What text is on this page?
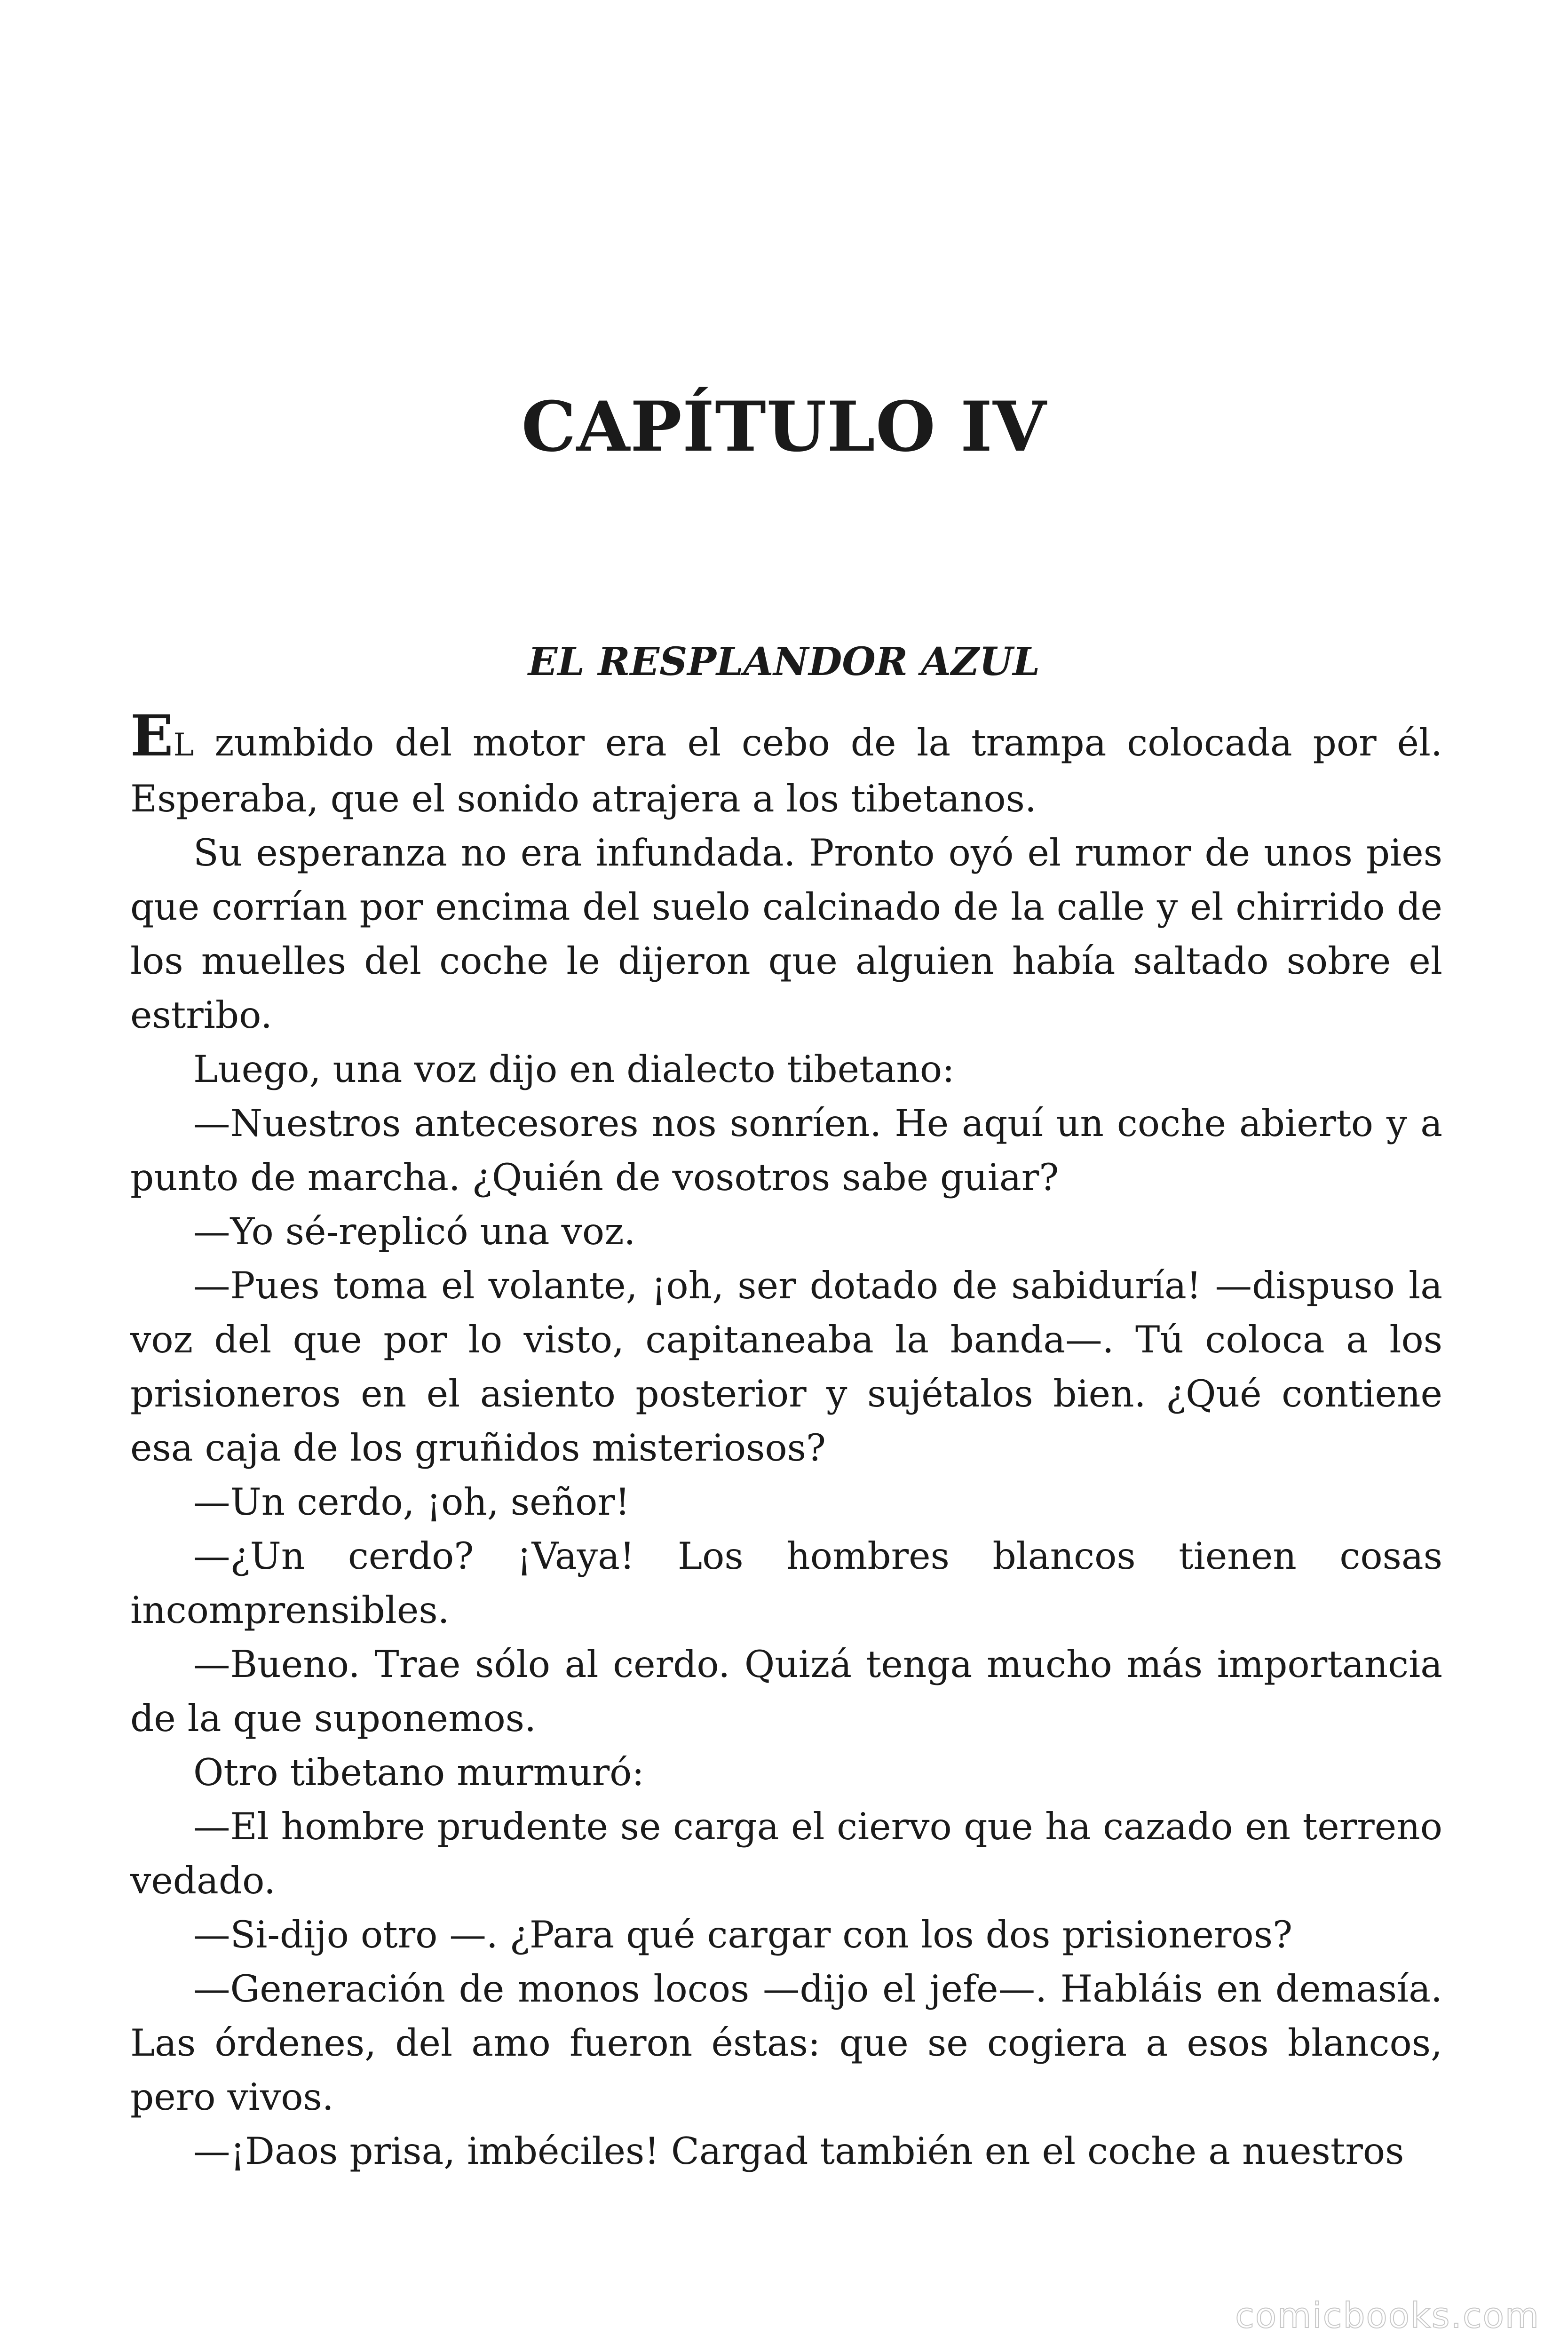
CAPÍTULO IV
EL RESPLANDOR AZUL

EL zumbido del motor era el cebo de la trampa colocada por él. Esperaba, que el sonido atrajera a los tibetanos.

Su esperanza no era infundada. Pronto oyó el rumor de unos pies que corrían por encima del suelo calcinado de la calle y el chirrido de los muelles del coche le dijeron que alguien había saltado sobre el estribo.

Luego, una voz dijo en dialecto tibetano:

—Nuestros antecesores nos sonríen. He aquí un coche abierto y a punto de marcha. ¿Quién de vosotros sabe guiar?

—Yo sé-replicó una voz.

—Pues toma el volante, ¡oh, ser dotado de sabiduría! —dispuso la voz del que por lo visto, capitaneaba la banda—. Tú coloca a los prisioneros en el asiento posterior y sujétalos bien. ¿Qué contiene esa caja de los gruñidos misteriosos?

—Un cerdo, ¡oh, señor!

—¿Un cerdo? ¡Vaya! Los hombres blancos tienen cosas incomprensibles.

—Bueno. Trae sólo al cerdo. Quizá tenga mucho más importancia de la que suponemos.

Otro tibetano murmuró:

—El hombre prudente se carga el ciervo que ha cazado en terreno vedado.

—Si-dijo otro —. ¿Para qué cargar con los dos prisioneros?

—Generación de monos locos —dijo el jefe—. Habláis en demasía. Las órdenes, del amo fueron éstas: que se cogiera a esos blancos, pero vivos.

—¡Daos prisa, imbéciles! Cargad también en el coche a nuestros

comicbooks.com
